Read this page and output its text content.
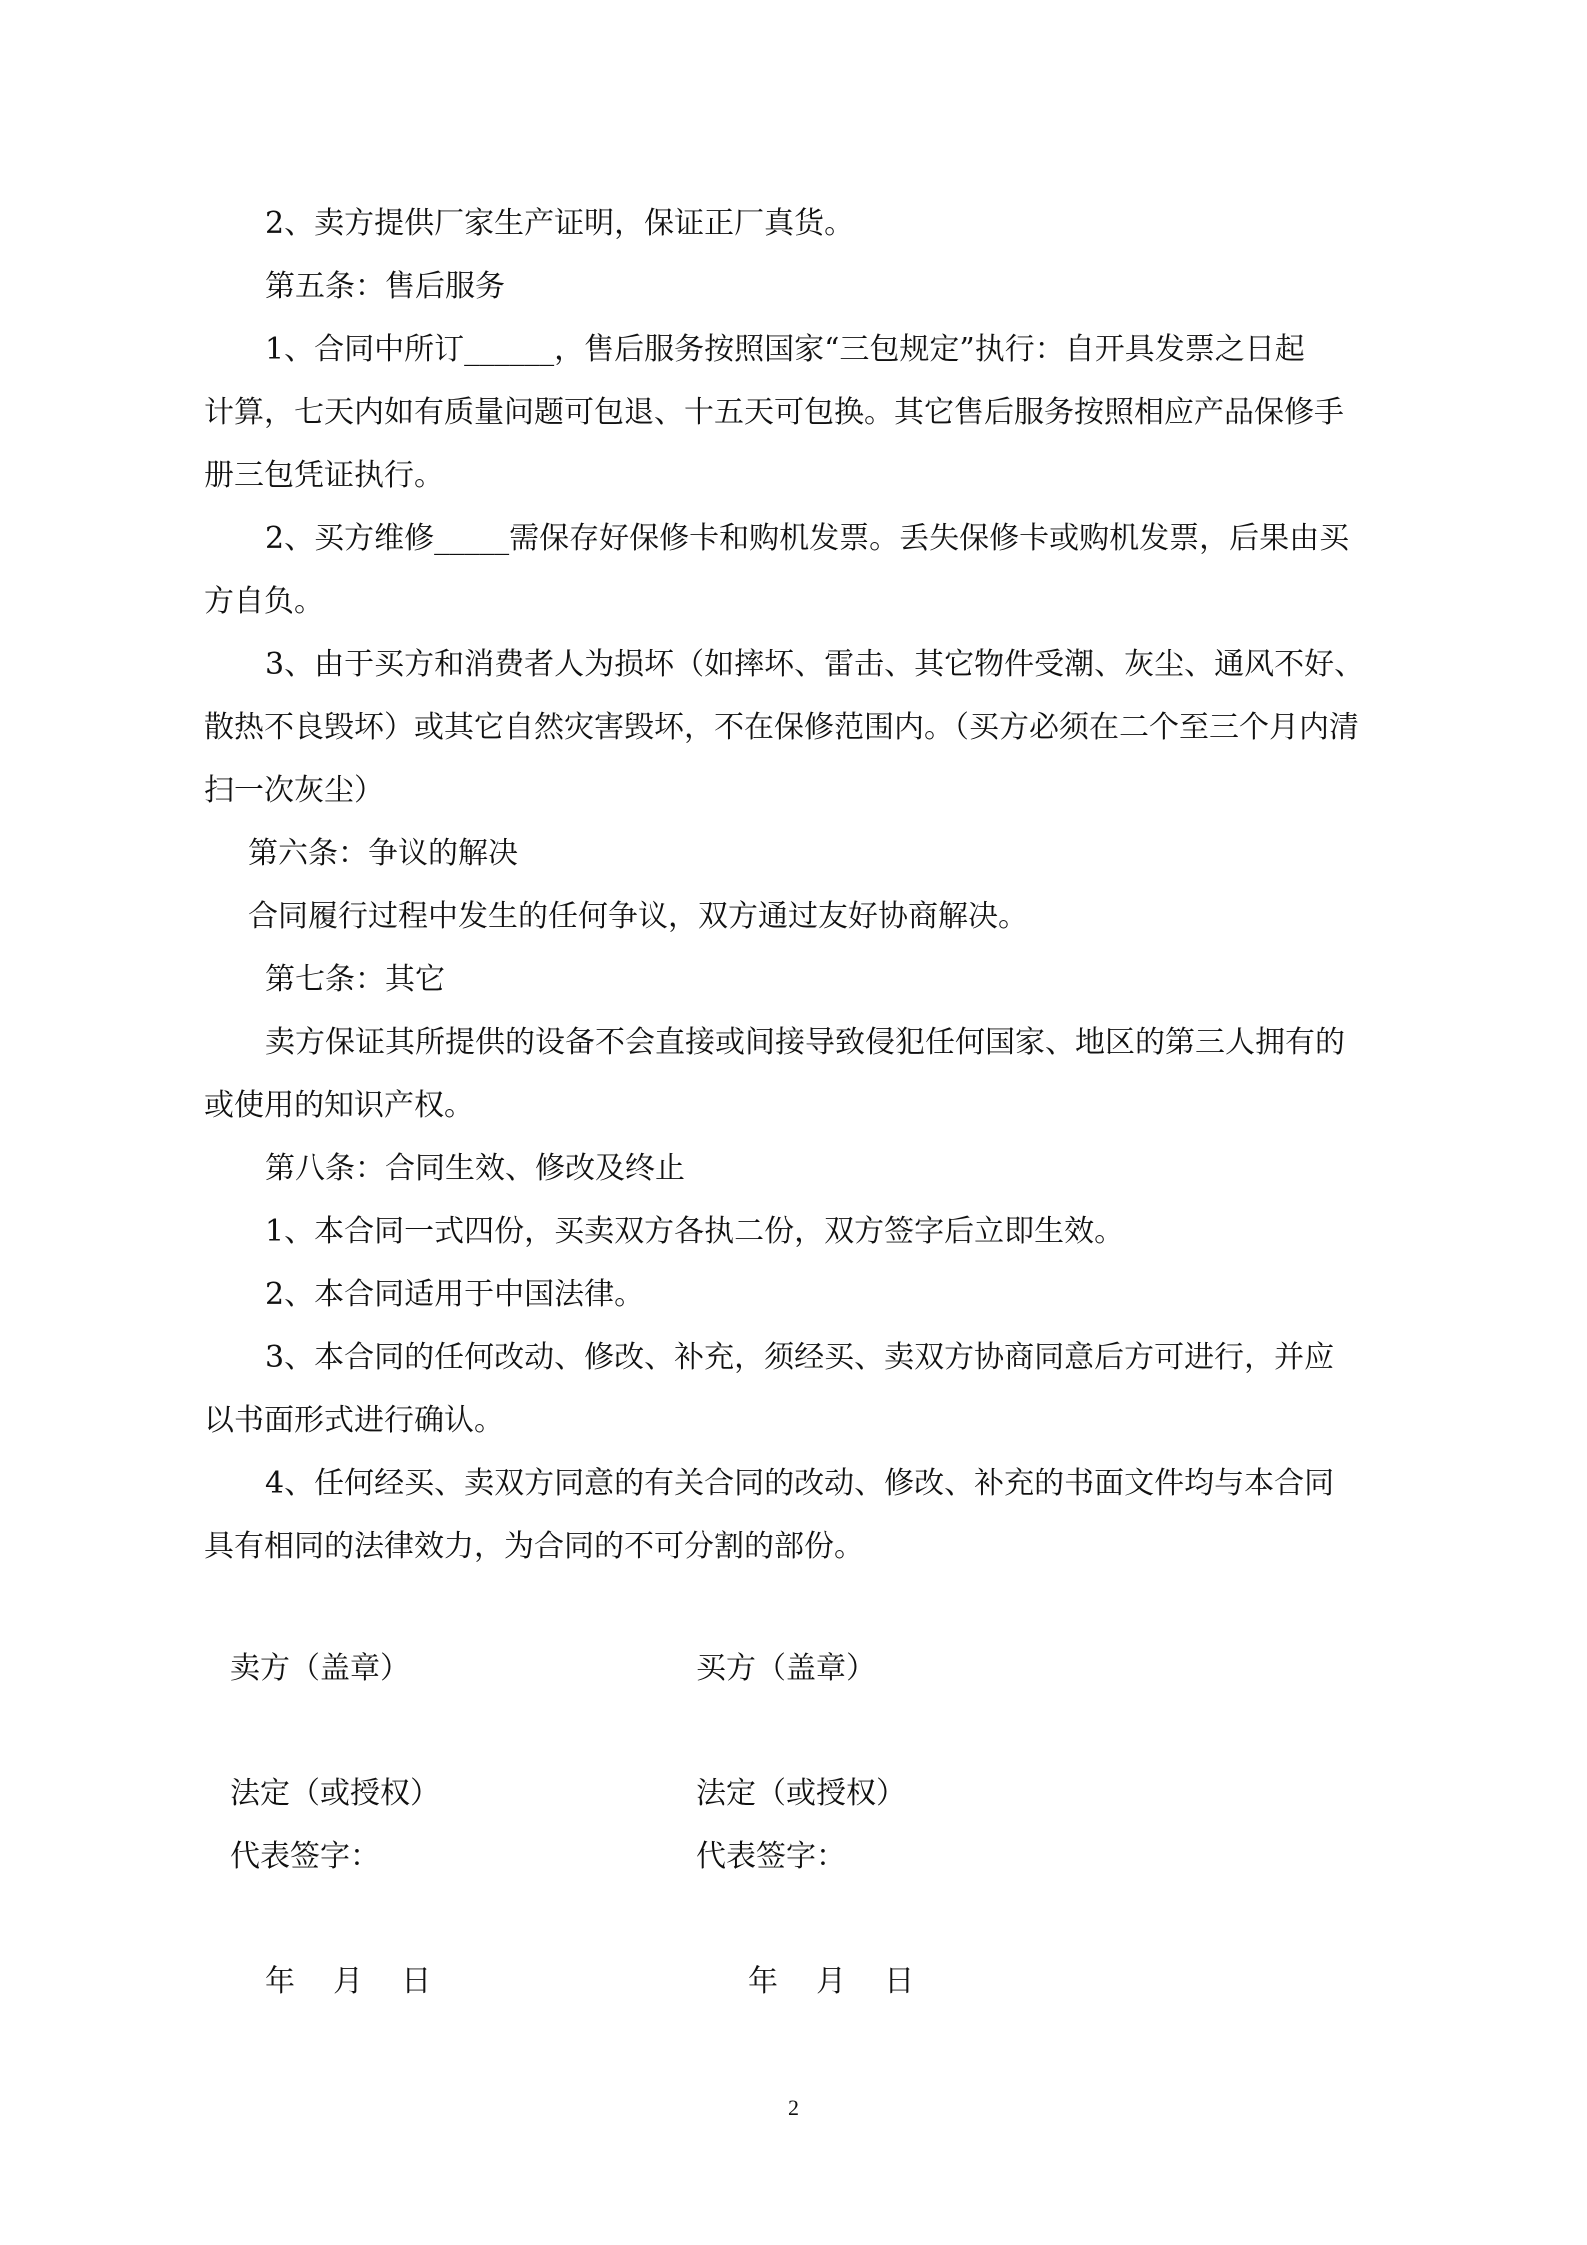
2、卖方提供厂家生产证明，保证正厂真货。
第五条：售后服务
1、合同中所订______，售后服务按照国家“三包规定”执行：自开具发票之日起
计算，七天内如有质量问题可包退、十五天可包换。其它售后服务按照相应产品保修手
册三包凭证执行。
2、买方维修_____需保存好保修卡和购机发票。丢失保修卡或购机发票，后果由买
方自负。
3、由于买方和消费者人为损坏（如摔坏、雷击、其它物件受潮、灰尘、通风不好、
散热不良毁坏）或其它自然灾害毁坏，不在保修范围内。（买方必须在二个至三个月内清
扫一次灰尘）
第六条：争议的解决
合同履行过程中发生的任何争议，双方通过友好协商解决。
第七条：其它
卖方保证其所提供的设备不会直接或间接导致侵犯任何国家、地区的第三人拥有的
或使用的知识产权。
第八条：合同生效、修改及终止
1、本合同一式四份，买卖双方各执二份，双方签字后立即生效。
2、本合同适用于中国法律。
3、本合同的任何改动、修改、补充，须经买、卖双方协商同意后方可进行，并应
以书面形式进行确认。
4、任何经买、卖双方同意的有关合同的改动、修改、补充的书面文件均与本合同
具有相同的法律效力，为合同的不可分割的部份。
卖方（盖章）	买方（盖章）
法定（或授权）	法定（或授权）
代表签字：	代表签字：
年    月    日	年    月    日
2
